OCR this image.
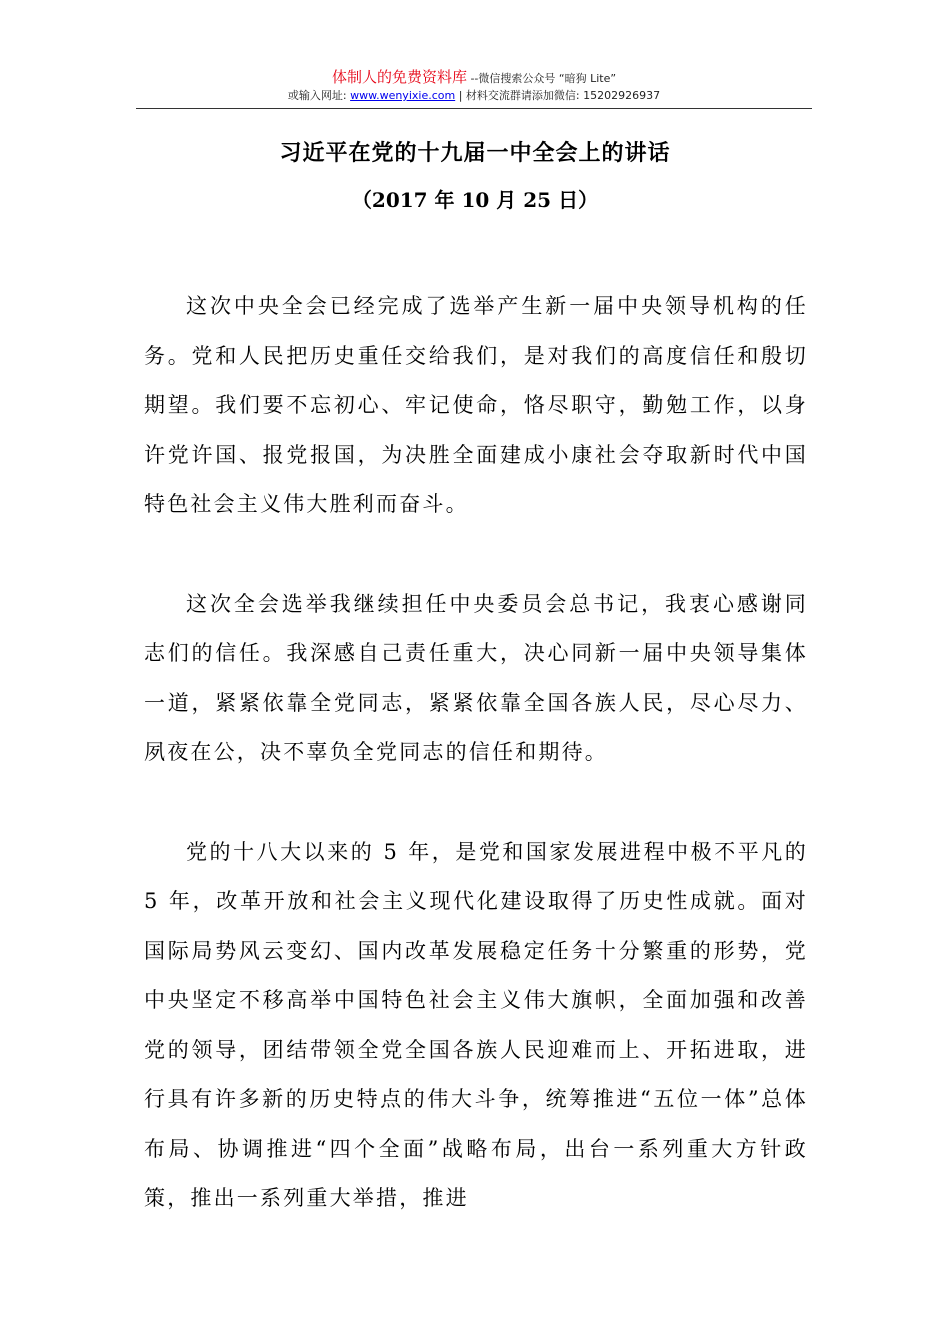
体制人的免费资料库 --微信搜索公众号 “暗狗 Lite”
或输入网址: www.wenyixie.com | 材料交流群请添加微信: 15202926937
习近平在党的十九届一中全会上的讲话
（2017 年 10 月 25 日）

这次中央全会已经完成了选举产生新一届中央领导机构的任务。党和人民把历史重任交给我们，是对我们的高度信任和殷切期望。我们要不忘初心、牢记使命，恪尽职守，勤勉工作，以身许党许国、报党报国，为决胜全面建成小康社会夺取新时代中国特色社会主义伟大胜利而奋斗。

这次全会选举我继续担任中央委员会总书记，我衷心感谢同志们的信任。我深感自己责任重大，决心同新一届中央领导集体一道，紧紧依靠全党同志，紧紧依靠全国各族人民，尽心尽力、夙夜在公，决不辜负全党同志的信任和期待。

党的十八大以来的 5 年，是党和国家发展进程中极不平凡的 5 年，改革开放和社会主义现代化建设取得了历史性成就。面对国际局势风云变幻、国内改革发展稳定任务十分繁重的形势，党中央坚定不移高举中国特色社会主义伟大旗帜，全面加强和改善党的领导，团结带领全党全国各族人民迎难而上、开拓进取，进行具有许多新的历史特点的伟大斗争，统筹推进“五位一体”总体布局、协调推进“四个全面”战略布局，出台一系列重大方针政策，推出一系列重大举措，推进
